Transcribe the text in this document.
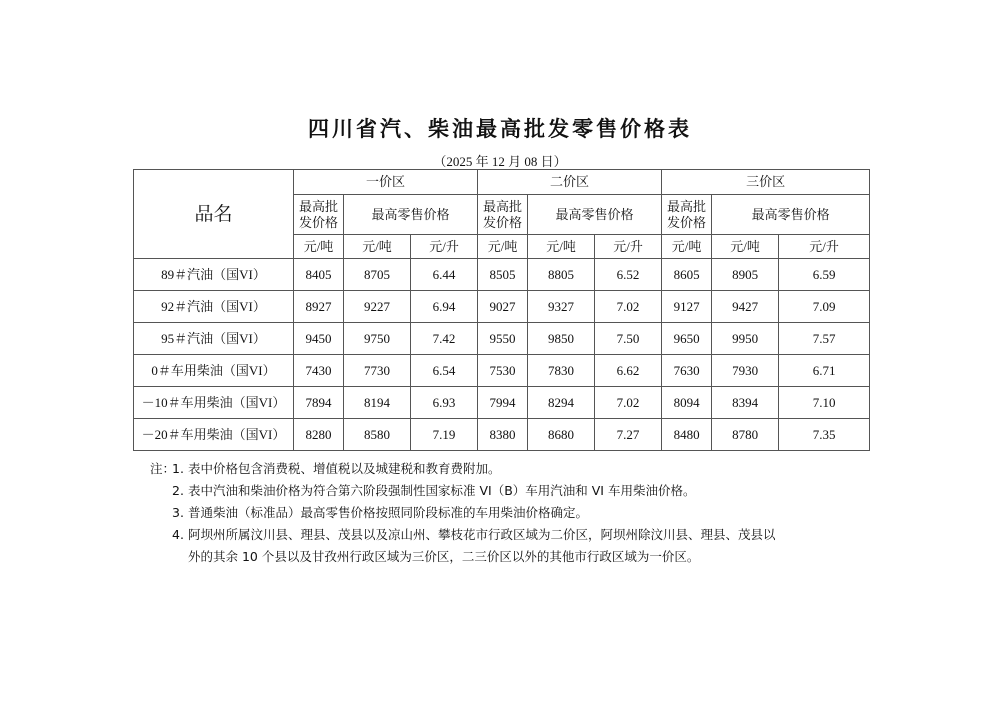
四川省汽、柴油最高批发零售价格表
（2025 年 12 月 08 日）
品名	一价区			二价区			三价区		
	最高批发价格	最高零售价格		最高批发价格	最高零售价格		最高批发价格	最高零售价格	
	元/吨	元/吨	元/升	元/吨	元/吨	元/升	元/吨	元/吨	元/升
89＃汽油（国VI）	8405	8705	6.44	8505	8805	6.52	8605	8905	6.59
92＃汽油（国VI）	8927	9227	6.94	9027	9327	7.02	9127	9427	7.09
95＃汽油（国VI）	9450	9750	7.42	9550	9850	7.50	9650	9950	7.57
0＃车用柴油（国VI）	7430	7730	6.54	7530	7830	6.62	7630	7930	6.71
－10＃车用柴油（国VI）	7894	8194	6.93	7994	8294	7.02	8094	8394	7.10
－20＃车用柴油（国VI）	8280	8580	7.19	8380	8680	7.27	8480	8780	7.35
注：
1. 表中价格包含消费税、增值税以及城建税和教育费附加。
2. 表中汽油和柴油价格为符合第六阶段强制性国家标准 VI（B）车用汽油和 VI 车用柴油价格。
3. 普通柴油（标准品）最高零售价格按照同阶段标准的车用柴油价格确定。
4. 阿坝州所属汶川县、理县、茂县以及凉山州、攀枝花市行政区域为二价区，阿坝州除汶川县、理县、茂县以
外的其余 10 个县以及甘孜州行政区域为三价区，二三价区以外的其他市行政区域为一价区。
